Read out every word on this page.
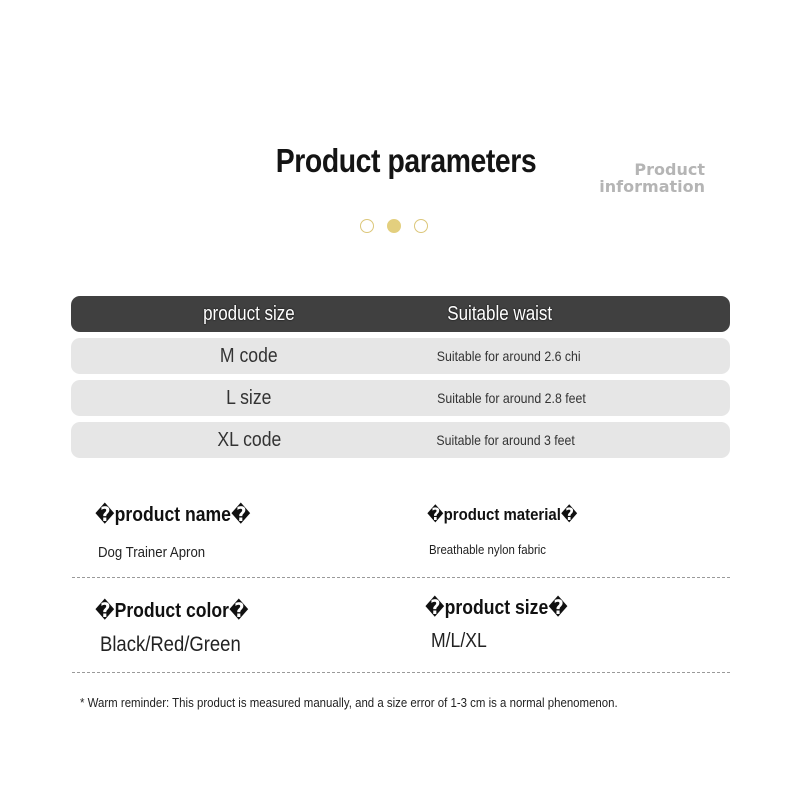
Product parameters	Product
information
product size	Suitable waist
M code	Suitable for around 2.6 chi
L size	Suitable for around 2.8 feet
XL code	Suitable for around 3 feet
�product name�
Dog Trainer Apron
�product material�
Breathable nylon fabric
�Product color�
Black/Red/Green
�product size�
M/L/XL
* Warm reminder: This product is measured manually, and a size error of 1-3 cm is a normal phenomenon.
